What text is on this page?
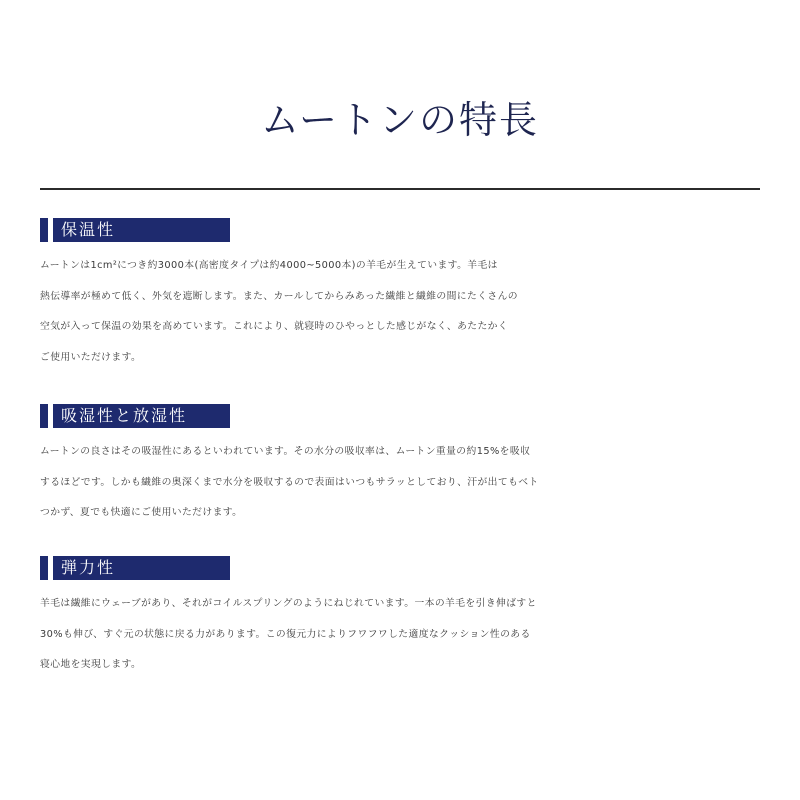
ムートンの特長
保温性
ムートンは1cm²につき約3000本(高密度タイプは約4000~5000本)の羊毛が生えています。羊毛は
熱伝導率が極めて低く、外気を遮断します。また、カールしてからみあった繊維と繊維の間にたくさんの
空気が入って保温の効果を高めています。これにより、就寝時のひやっとした感じがなく、あたたかく
ご使用いただけます。
吸湿性と放湿性
ムートンの良さはその吸湿性にあるといわれています。その水分の吸収率は、ムートン重量の約15%を吸収
するほどです。しかも繊維の奥深くまで水分を吸収するので表面はいつもサラッとしており、汗が出てもベト
つかず、夏でも快適にご使用いただけます。
弾力性
羊毛は繊維にウェーブがあり、それがコイルスプリングのようにねじれています。一本の羊毛を引き伸ばすと
30%も伸び、すぐ元の状態に戻る力があります。この復元力によりフワフワした適度なクッション性のある
寝心地を実現します。
